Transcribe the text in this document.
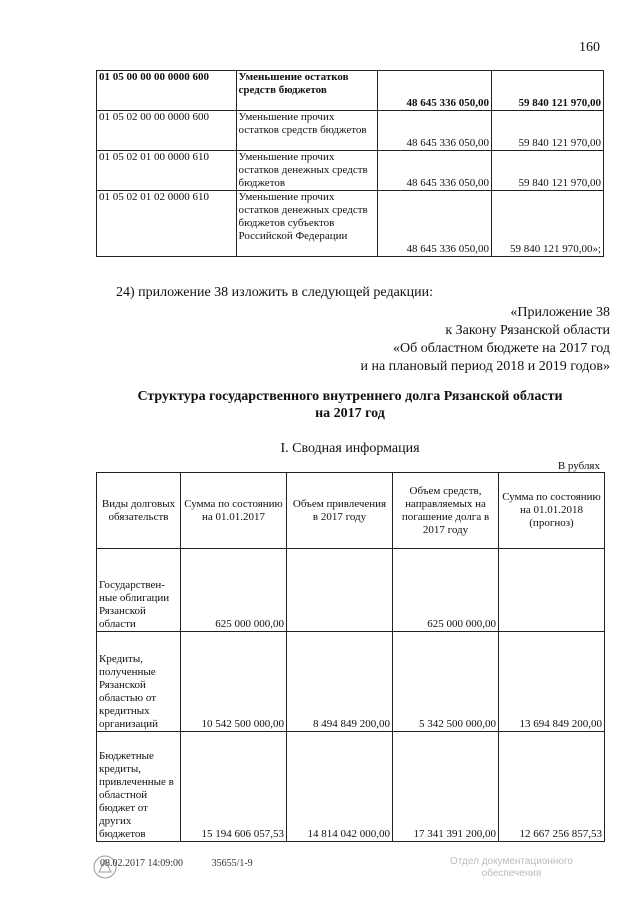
160
01 05 00 00 00 0000 600	Уменьшение остатков средств бюджетов	48 645 336 050,00	59 840 121 970,00
01 05 02 00 00 0000 600	Уменьшение прочих остатков средств бюджетов	48 645 336 050,00	59 840 121 970,00
01 05 02 01 00 0000 610	Уменьшение прочих остатков денежных средств бюджетов	48 645 336 050,00	59 840 121 970,00
01 05 02 01 02 0000 610	Уменьшение прочих остатков денежных средств бюджетов субъектов Российской Федерации	48 645 336 050,00	59 840 121 970,00»;
24) приложение 38 изложить в следующей редакции:
«Приложение 38
к Закону Рязанской области
«Об областном бюджете на 2017 год
и на плановый период 2018 и 2019 годов»
Структура государственного внутреннего долга Рязанской области
на 2017 год
I. Сводная информация
В рублях
Виды долговых обязательств	Сумма по состоянию на 01.01.2017	Объем привлечения в 2017 году	Объем средств, направляемых на погашение долга в 2017 году	Сумма по состоянию на 01.01.2018 (прогноз)
Государствен-ные облигации Рязанской области	625 000 000,00		625 000 000,00	
Кредиты, полученные Рязанской областью от кредитных организаций	10 542 500 000,00	8 494 849 200,00	5 342 500 000,00	13 694 849 200,00
Бюджетные кредиты, привлеченные в областной бюджет от других бюджетов	15 194 606 057,53	14 814 042 000,00	17 341 391 200,00	12 667 256 857,53
08.02.2017 14:09:00	35655/1-9	Отдел документационного
обеспечения
